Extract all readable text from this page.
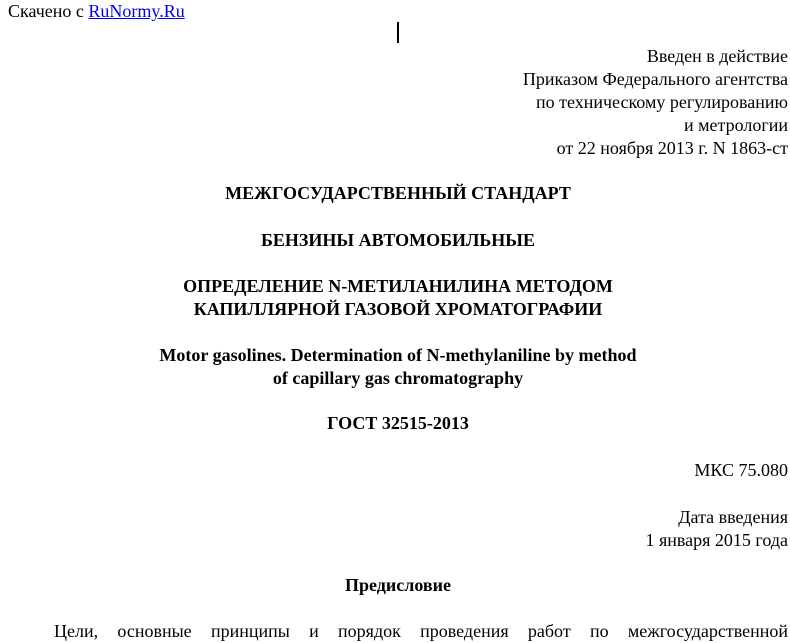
Скачено с RuNormy.Ru
Введен в действие
Приказом Федерального агентства
по техническому регулированию
и метрологии
от 22 ноября 2013 г. N 1863-ст
МЕЖГОСУДАРСТВЕННЫЙ СТАНДАРТ
БЕНЗИНЫ АВТОМОБИЛЬНЫЕ
ОПРЕДЕЛЕНИЕ N-МЕТИЛАНИЛИНА МЕТОДОМ
КАПИЛЛЯРНОЙ ГАЗОВОЙ ХРОМАТОГРАФИИ
Motor gasolines. Determination of N-methylaniline by method
of capillary gas chromatography
ГОСТ 32515-2013
МКС 75.080
Дата введения
1 января 2015 года
Предисловие
Цели, основные принципы и порядок проведения работ по межгосударственной
